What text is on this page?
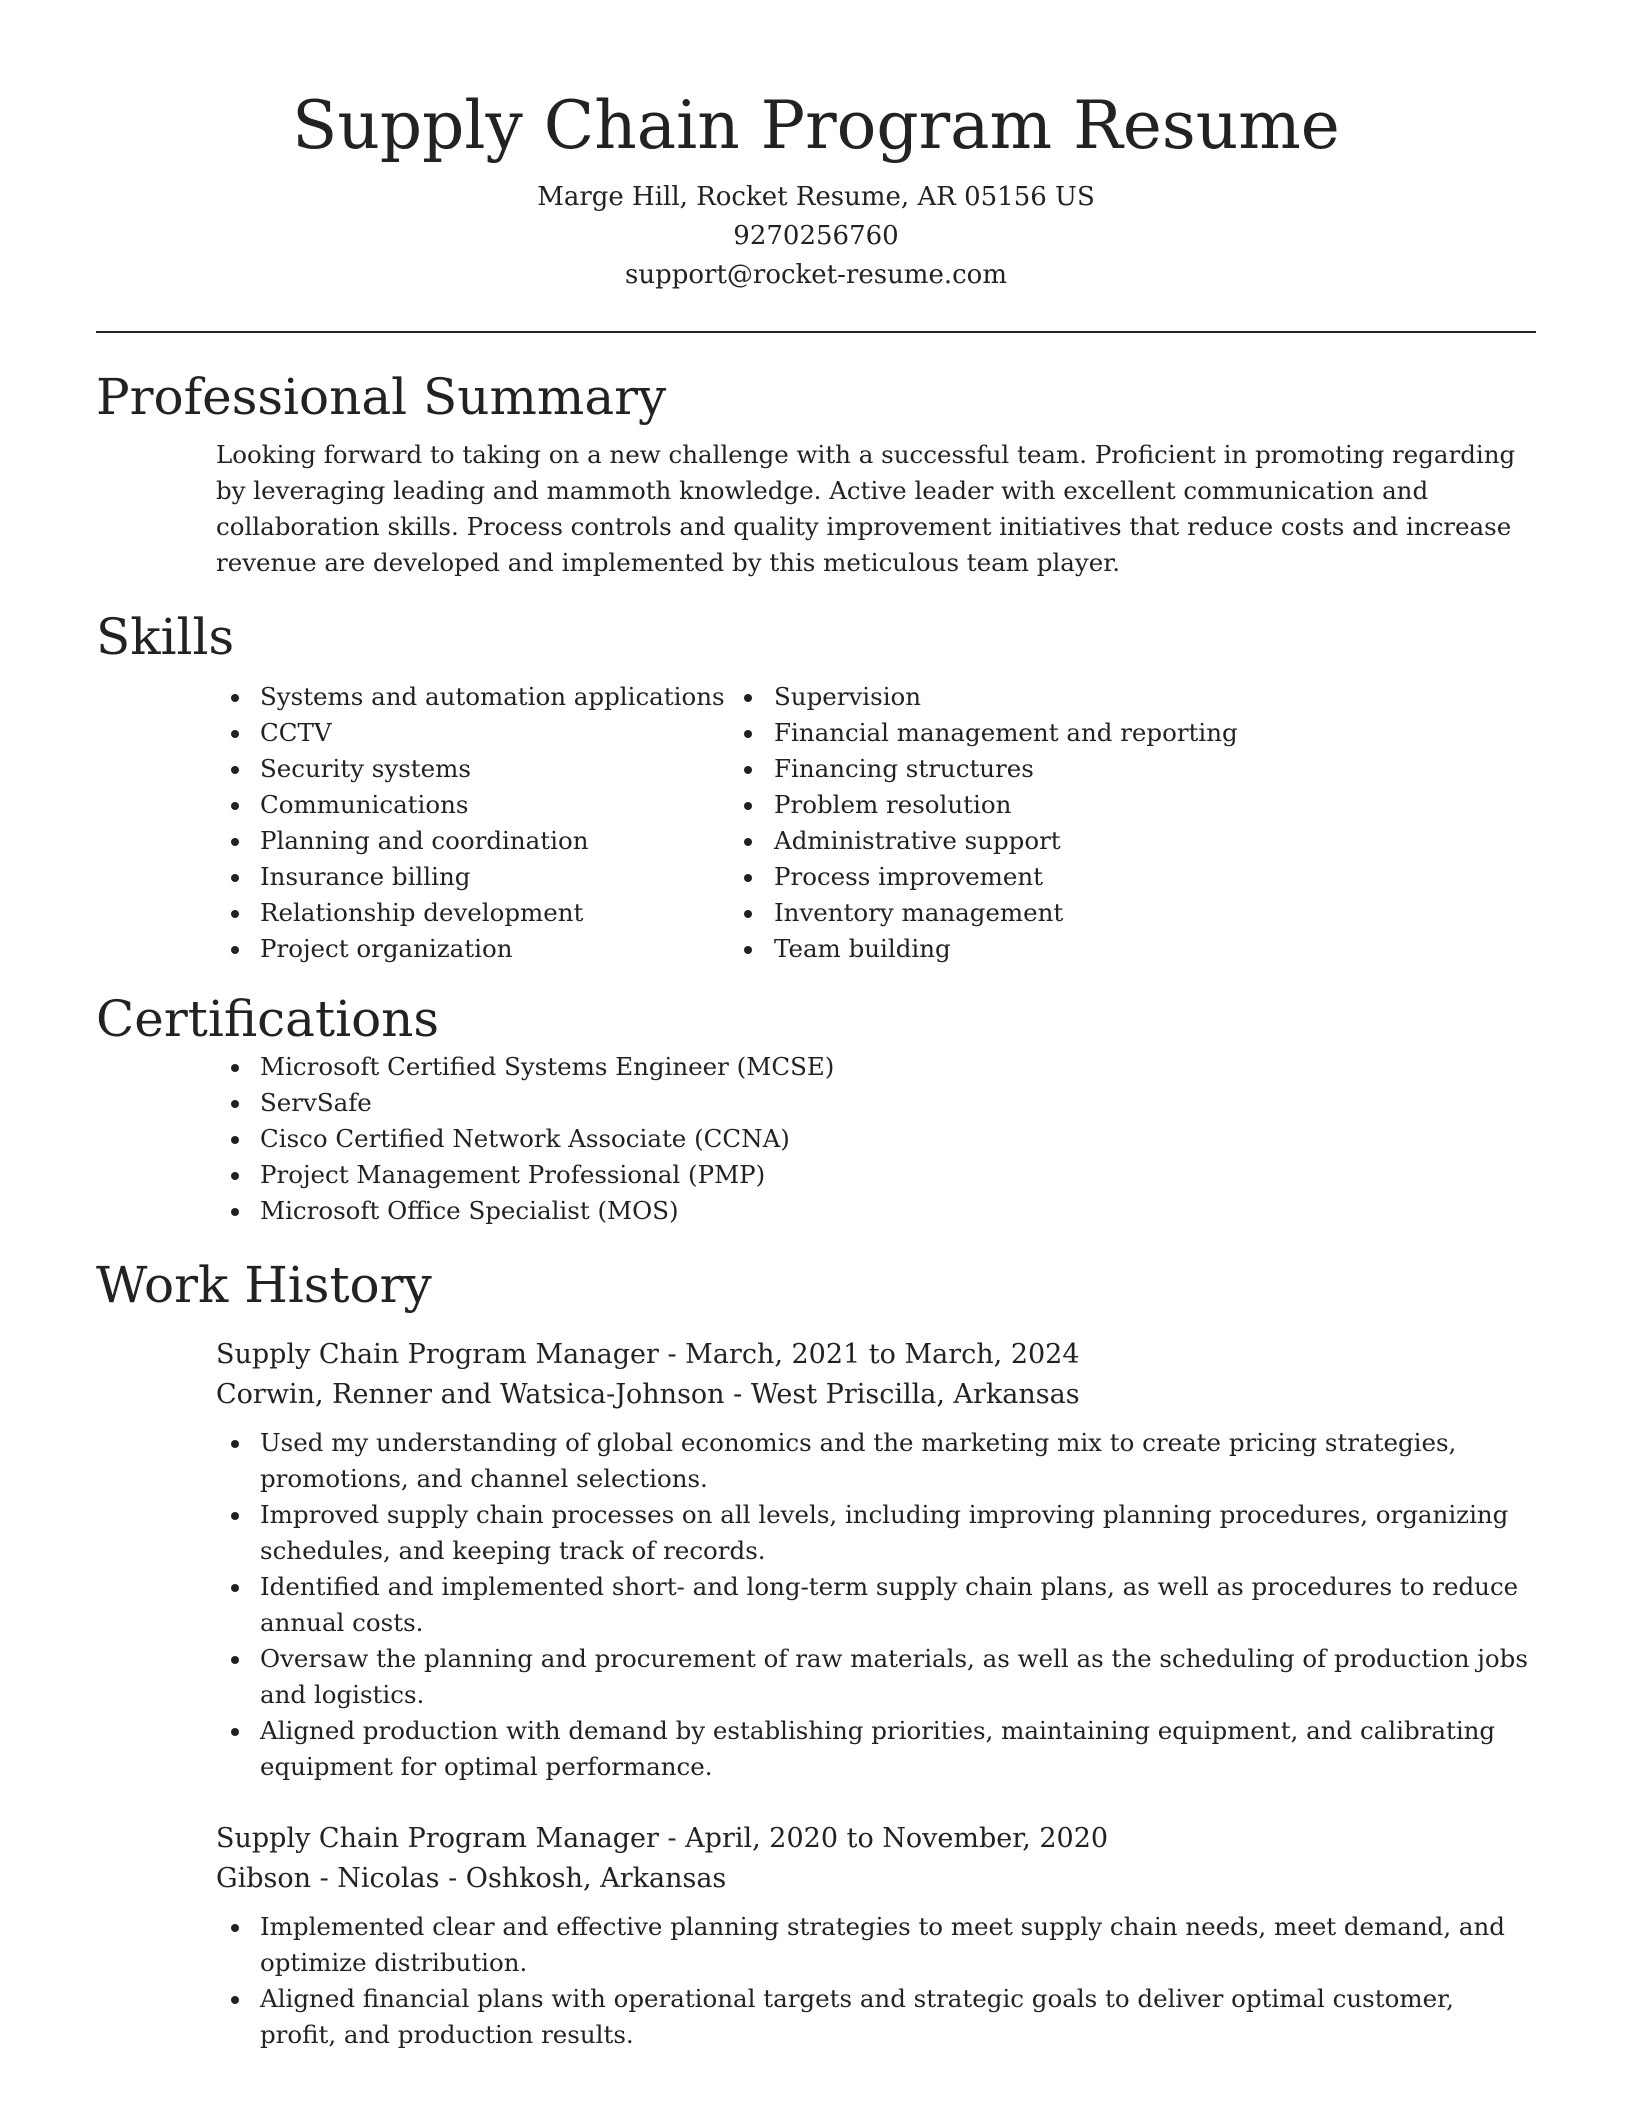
Supply Chain Program Resume

Marge Hill, Rocket Resume, AR 05156 US

9270256760

support@rocket-resume.com

Professional Summary

Looking forward to taking on a new challenge with a successful team. Proficient in promoting regarding by leveraging leading and mammoth knowledge. Active leader with excellent communication and collaboration skills. Process controls and quality improvement initiatives that reduce costs and increase revenue are developed and implemented by this meticulous team player.

Skills
Systems and automation applications
CCTV
Security systems
Communications
Planning and coordination
Insurance billing
Relationship development
Project organization
Supervision
Financial management and reporting
Financing structures
Problem resolution
Administrative support
Process improvement
Inventory management
Team building
Certifications
Microsoft Certified Systems Engineer (MCSE)
ServSafe
Cisco Certified Network Associate (CCNA)
Project Management Professional (PMP)
Microsoft Office Specialist (MOS)
Work History

Supply Chain Program Manager - March, 2021 to March, 2024

Corwin, Renner and Watsica-Johnson - West Priscilla, Arkansas

Used my understanding of global economics and the marketing mix to create pricing strategies, promotions, and channel selections.
Improved supply chain processes on all levels, including improving planning procedures, organizing schedules, and keeping track of records.
Identified and implemented short- and long-term supply chain plans, as well as procedures to reduce annual costs.
Oversaw the planning and procurement of raw materials, as well as the scheduling of production jobs and logistics.
Aligned production with demand by establishing priorities, maintaining equipment, and calibrating equipment for optimal performance.

Supply Chain Program Manager - April, 2020 to November, 2020

Gibson - Nicolas - Oshkosh, Arkansas

Implemented clear and effective planning strategies to meet supply chain needs, meet demand, and optimize distribution.
Aligned financial plans with operational targets and strategic goals to deliver optimal customer, profit, and production results.
